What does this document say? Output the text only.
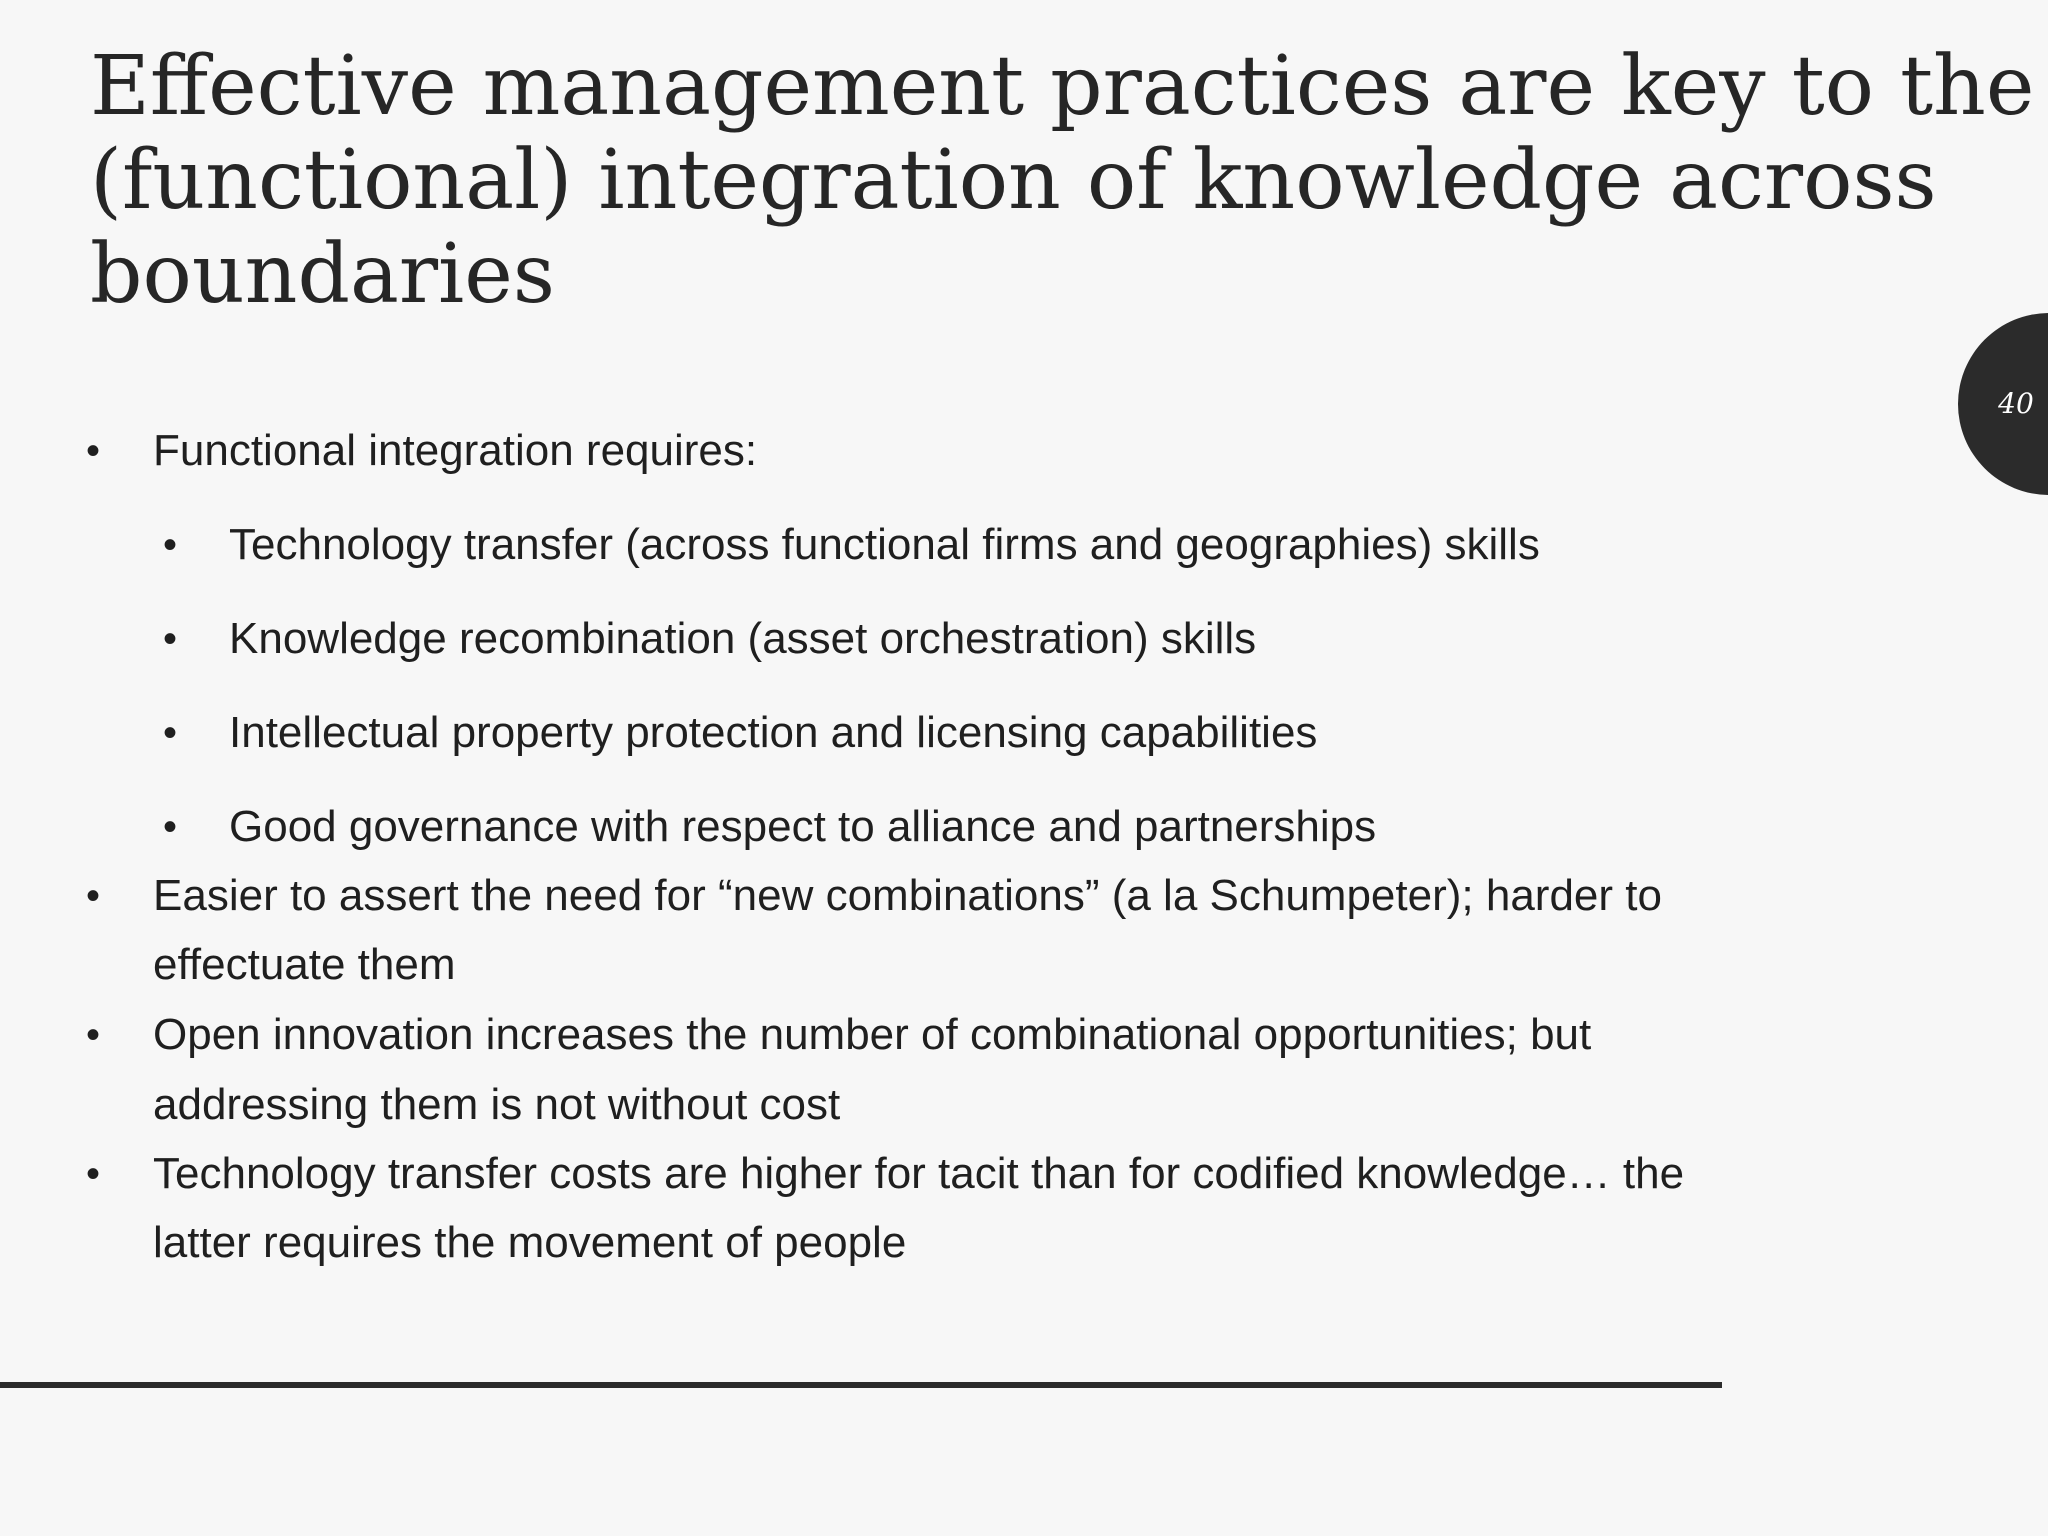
Effective management practices are key to the
(functional) integration of knowledge across
boundaries
40
• Functional integration requires:
• Technology transfer (across functional firms and geographies) skills
• Knowledge recombination (asset orchestration) skills
• Intellectual property protection and licensing capabilities
• Good governance with respect to alliance and partnerships
• Easier to assert the need for “new combinations” (a la Schumpeter); harder to
effectuate them
• Open innovation increases the number of combinational opportunities; but
addressing them is not without cost
• Technology transfer costs are higher for tacit than for codified knowledge… the
latter requires the movement of people
